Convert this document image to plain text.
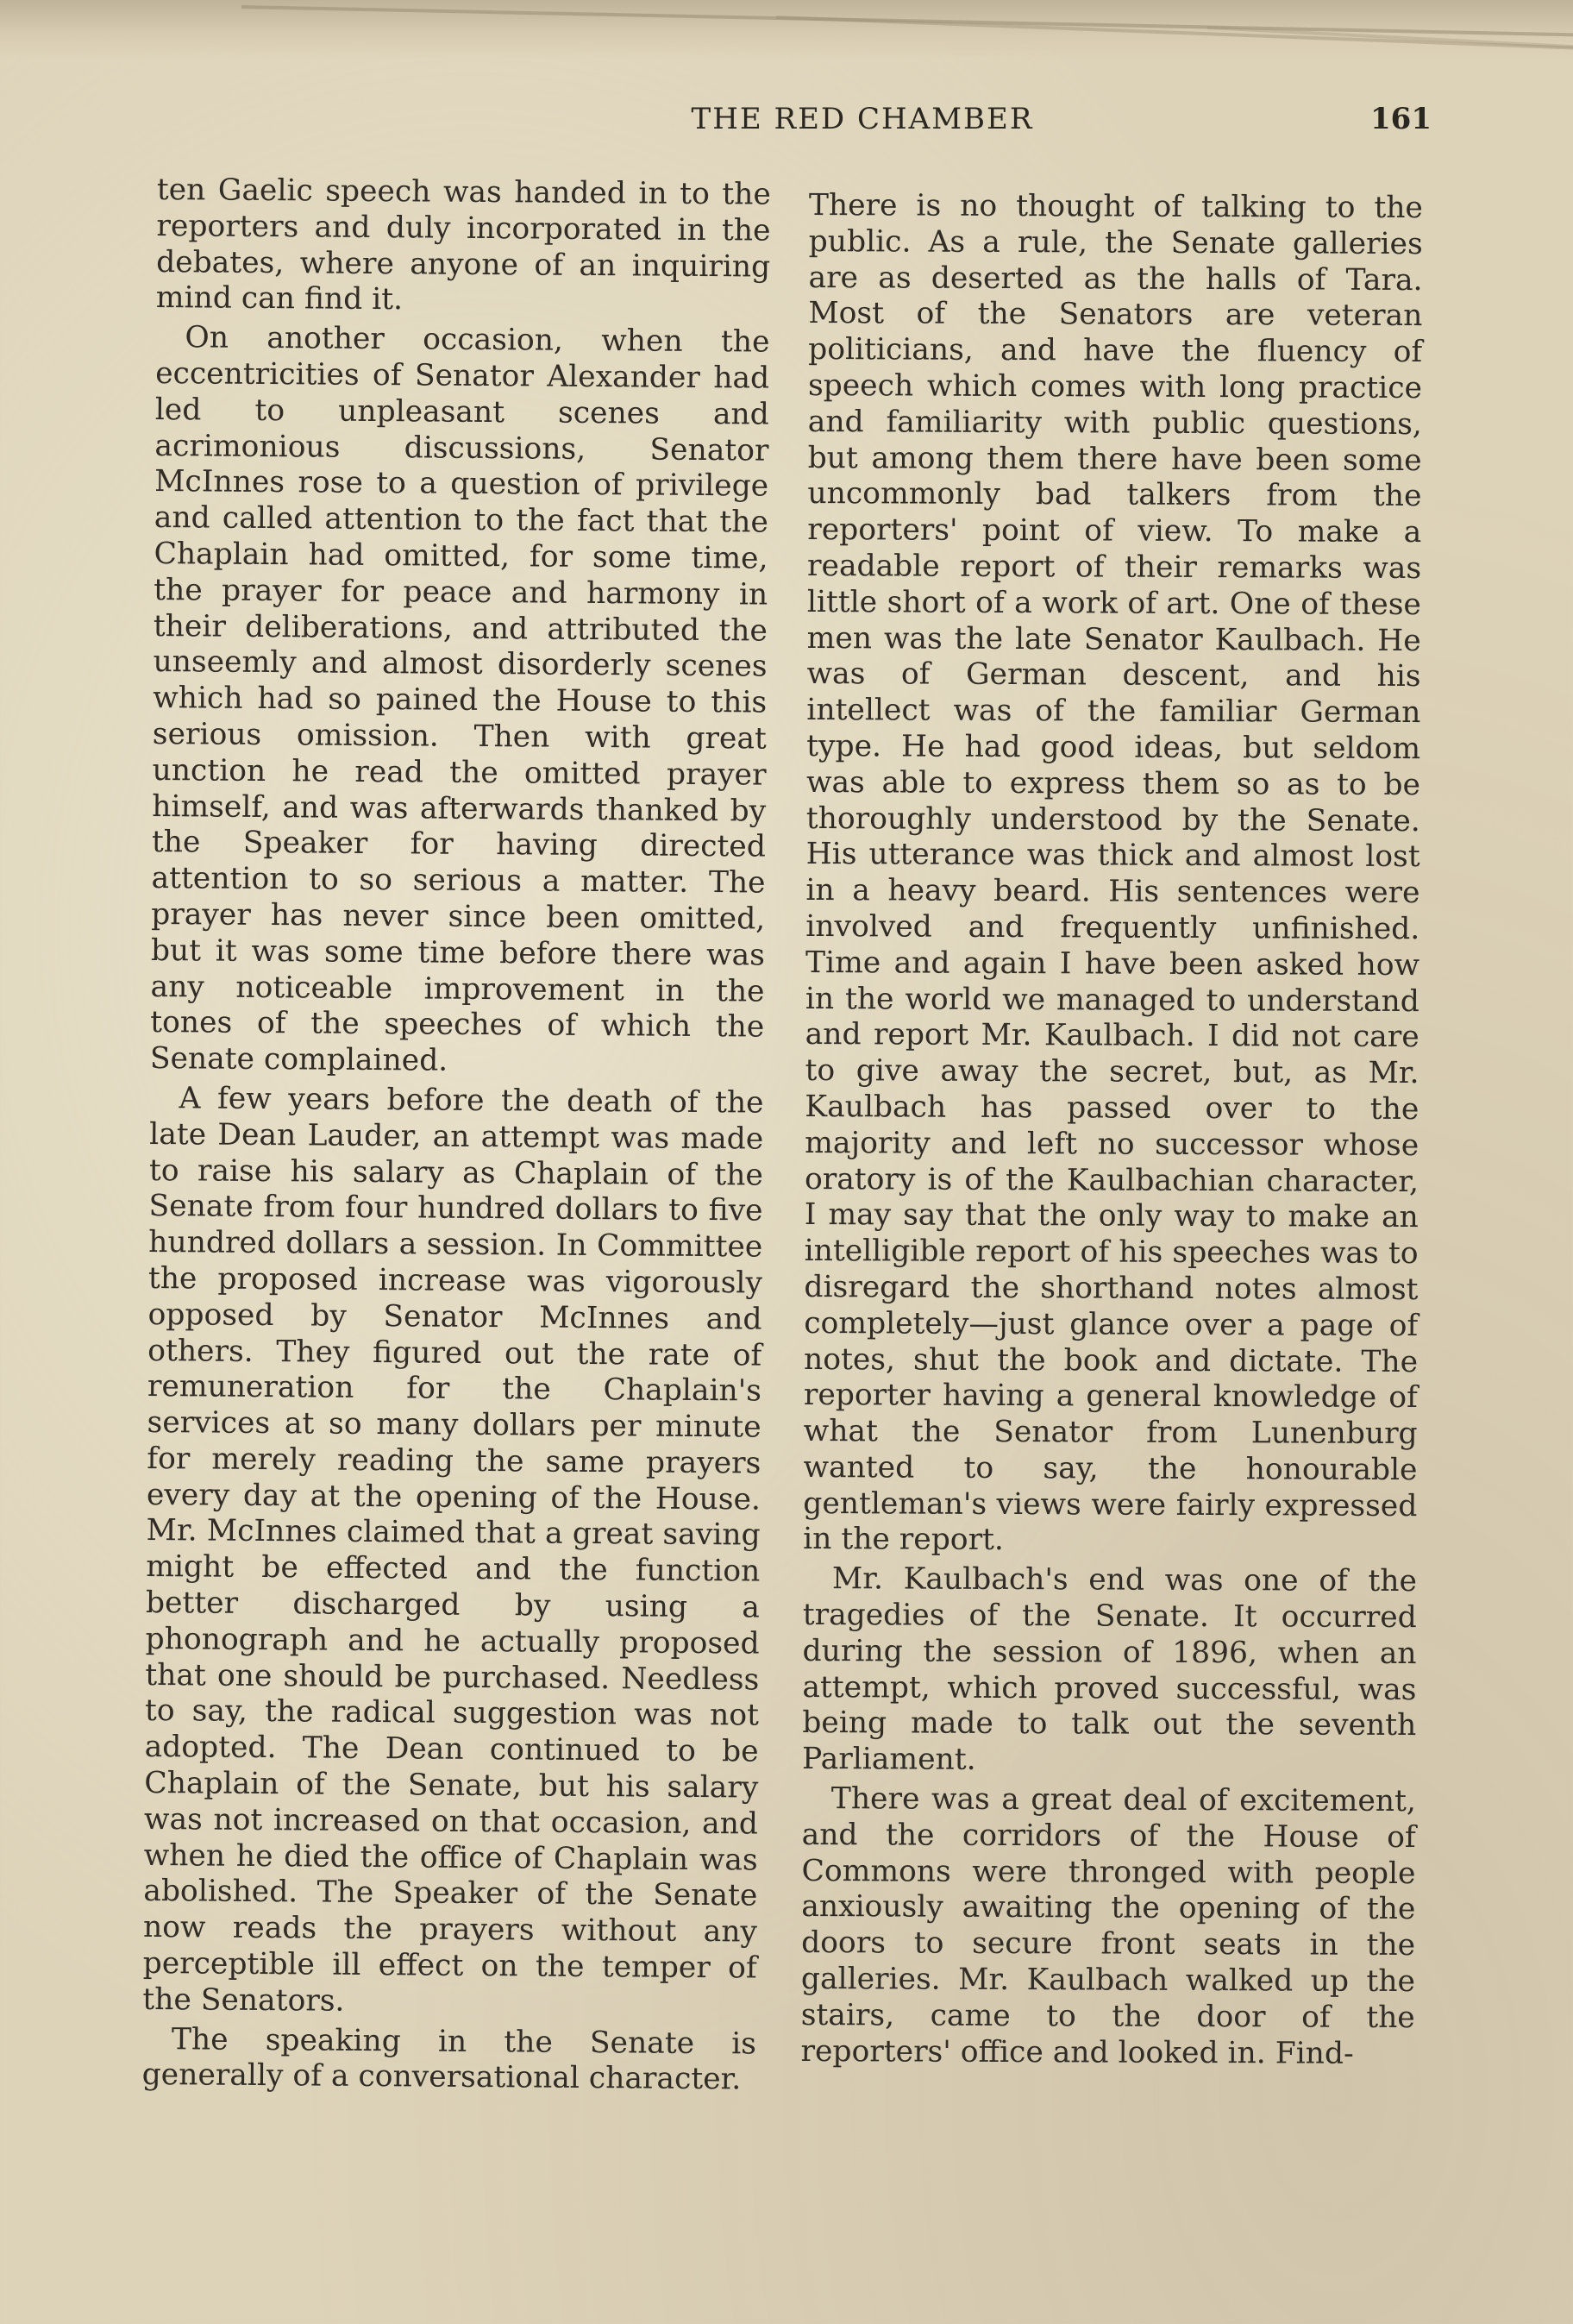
THE RED CHAMBER	161

ten Gaelic speech was handed in to the reporters and duly incorporated in the debates, where anyone of an inquiring mind can find it.

On another occasion, when the eccentricities of Senator Alexander had led to unpleasant scenes and acrimonious discussions, Senator McInnes rose to a question of privilege and called attention to the fact that the Chaplain had omitted, for some time, the prayer for peace and harmony in their deliberations, and attributed the unseemly and almost disorderly scenes which had so pained the House to this serious omission. Then with great unction he read the omitted prayer himself, and was afterwards thanked by the Speaker for having directed attention to so serious a matter. The prayer has never since been omitted, but it was some time before there was any noticeable improvement in the tones of the speeches of which the Senate complained.

A few years before the death of the late Dean Lauder, an attempt was made to raise his salary as Chaplain of the Senate from four hundred dollars to five hundred dollars a session. In Committee the proposed increase was vigorously opposed by Senator McInnes and others. They figured out the rate of remuneration for the Chaplain's services at so many dollars per minute for merely reading the same prayers every day at the opening of the House. Mr. McInnes claimed that a great saving might be effected and the function better discharged by using a phonograph and he actually proposed that one should be purchased. Needless to say, the radical suggestion was not adopted. The Dean continued to be Chaplain of the Senate, but his salary was not increased on that occasion, and when he died the office of Chaplain was abolished. The Speaker of the Senate now reads the prayers without any perceptible ill effect on the temper of the Senators.

The speaking in the Senate is generally of a conversational character.

There is no thought of talking to the public. As a rule, the Senate galleries are as deserted as the halls of Tara. Most of the Senators are veteran politicians, and have the fluency of speech which comes with long practice and familiarity with public questions, but among them there have been some uncommonly bad talkers from the reporters' point of view. To make a readable report of their remarks was little short of a work of art. One of these men was the late Senator Kaulbach. He was of German descent, and his intellect was of the familiar German type. He had good ideas, but seldom was able to express them so as to be thoroughly understood by the Senate. His utterance was thick and almost lost in a heavy beard. His sentences were involved and frequently unfinished. Time and again I have been asked how in the world we managed to understand and report Mr. Kaulbach. I did not care to give away the secret, but, as Mr. Kaulbach has passed over to the majority and left no successor whose oratory is of the Kaulbachian character, I may say that the only way to make an intelligible report of his speeches was to disregard the shorthand notes almost completely—just glance over a page of notes, shut the book and dictate. The reporter having a general knowledge of what the Senator from Lunenburg wanted to say, the honourable gentleman's views were fairly expressed in the report.

Mr. Kaulbach's end was one of the tragedies of the Senate. It occurred during the session of 1896, when an attempt, which proved successful, was being made to talk out the seventh Parliament.

There was a great deal of excitement, and the corridors of the House of Commons were thronged with people anxiously awaiting the opening of the doors to secure front seats in the galleries. Mr. Kaulbach walked up the stairs, came to the door of the reporters' office and looked in. Find-
